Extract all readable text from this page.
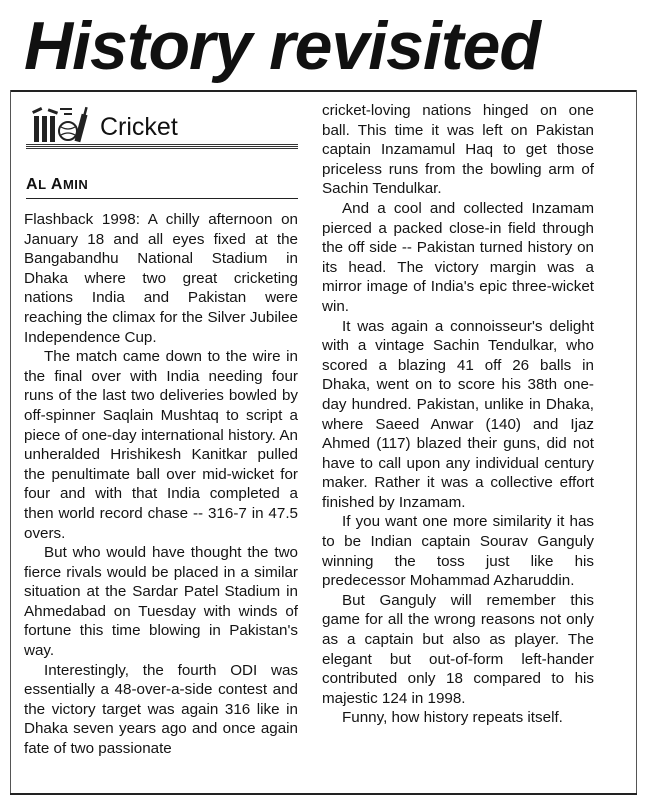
History revisited
Cricket
AL AMIN

Flashback 1998: A chilly afternoon on January 18 and all eyes fixed at the Bangabandhu National Stadium in Dhaka where two great cricketing nations India and Pakistan were reaching the climax for the Silver Jubilee Independence Cup.

The match came down to the wire in the final over with India needing four runs of the last two deliveries bowled by off-spinner Saqlain Mushtaq to script a piece of one-day international history. An unheralded Hrishikesh Kanitkar pulled the penultimate ball over mid-wicket for four and with that India completed a then world record chase -- 316-7 in 47.5 overs.

But who would have thought the two fierce rivals would be placed in a similar situation at the Sardar Patel Stadium in Ahmedabad on Tuesday with winds of fortune this time blowing in Pakistan's way.

Interestingly, the fourth ODI was essentially a 48-over-a-side contest and the victory target was again 316 like in Dhaka seven years ago and once again fate of two passionate

cricket-loving nations hinged on one ball. This time it was left on Pakistan captain Inzamamul Haq to get those priceless runs from the bowling arm of Sachin Tendulkar.

And a cool and collected Inzamam pierced a packed close-in field through the off side -- Pakistan turned history on its head. The victory margin was a mirror image of India's epic three-wicket win.

It was again a connoisseur's delight with a vintage Sachin Tendulkar, who scored a blazing 41 off 26 balls in Dhaka, went on to score his 38th one-day hundred. Pakistan, unlike in Dhaka, where Saeed Anwar (140) and Ijaz Ahmed (117) blazed their guns, did not have to call upon any individual century maker. Rather it was a collective effort finished by Inzamam.

If you want one more similarity it has to be Indian captain Sourav Ganguly winning the toss just like his predecessor Mohammad Azharuddin.

But Ganguly will remember this game for all the wrong reasons not only as a captain but also as player. The elegant but out-of-form left-hander contributed only 18 compared to his majestic 124 in 1998.

Funny, how history repeats itself.
